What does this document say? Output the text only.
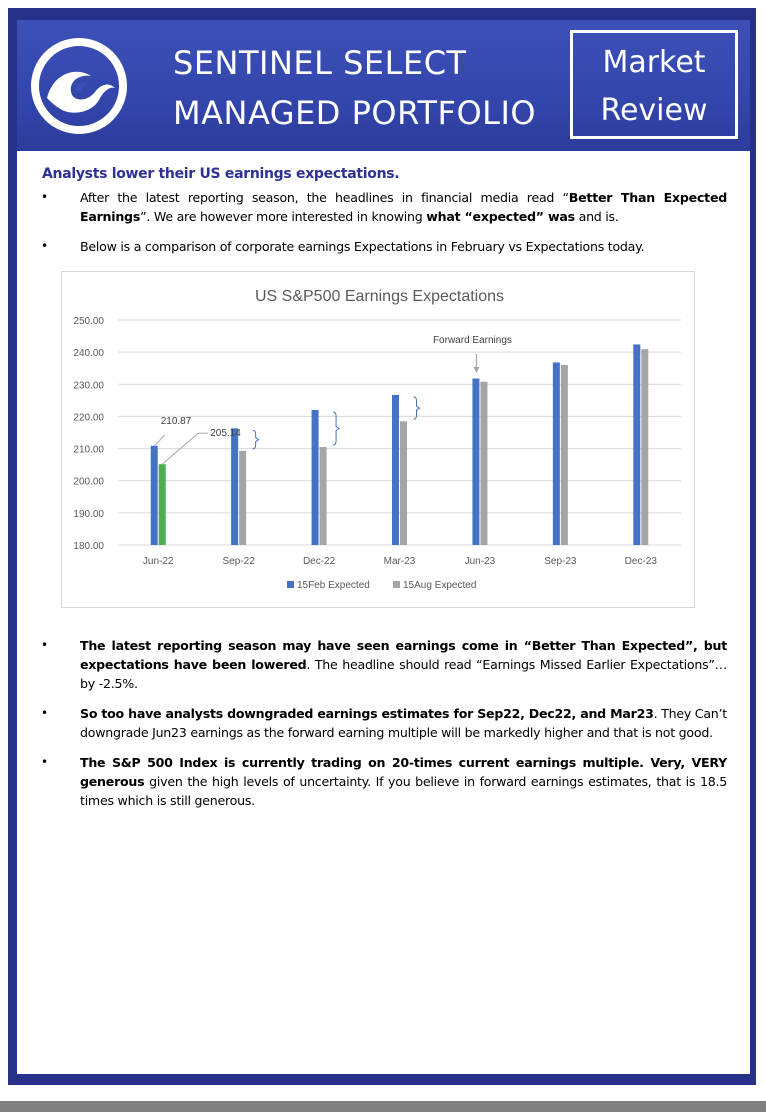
SENTINEL SELECT
MANAGED PORTFOLIO
Market
Review
Analysts lower their US earnings expectations.
•	After the latest reporting season, the headlines in financial media read “Better Than Expected Earnings”. We are however more interested in knowing what “expected” was and is.
•	Below is a comparison of corporate earnings Expectations in February vs Expectations today.
US S&P500 Earnings Expectations
180.00
190.00
200.00
210.00
220.00
230.00
240.00
250.00
Jun-22	Sep-22	Dec-22	Mar-23	Jun-23	Sep-23	Dec-23
210.87
205.14
Forward Earnings
15Feb Expected	15Aug Expected
•	The latest reporting season may have seen earnings come in “Better Than Expected”, but expectations have been lowered. The headline should read “Earnings Missed Earlier Expectations”…by -2.5%.
•	So too have analysts downgraded earnings estimates for Sep22, Dec22, and Mar23. They Can’t downgrade Jun23 earnings as the forward earning multiple will be markedly higher and that is not good.
•	The S&P 500 Index is currently trading on 20-times current earnings multiple. Very, VERY generous given the high levels of uncertainty. If you believe in forward earnings estimates, that is 18.5 times which is still generous.
